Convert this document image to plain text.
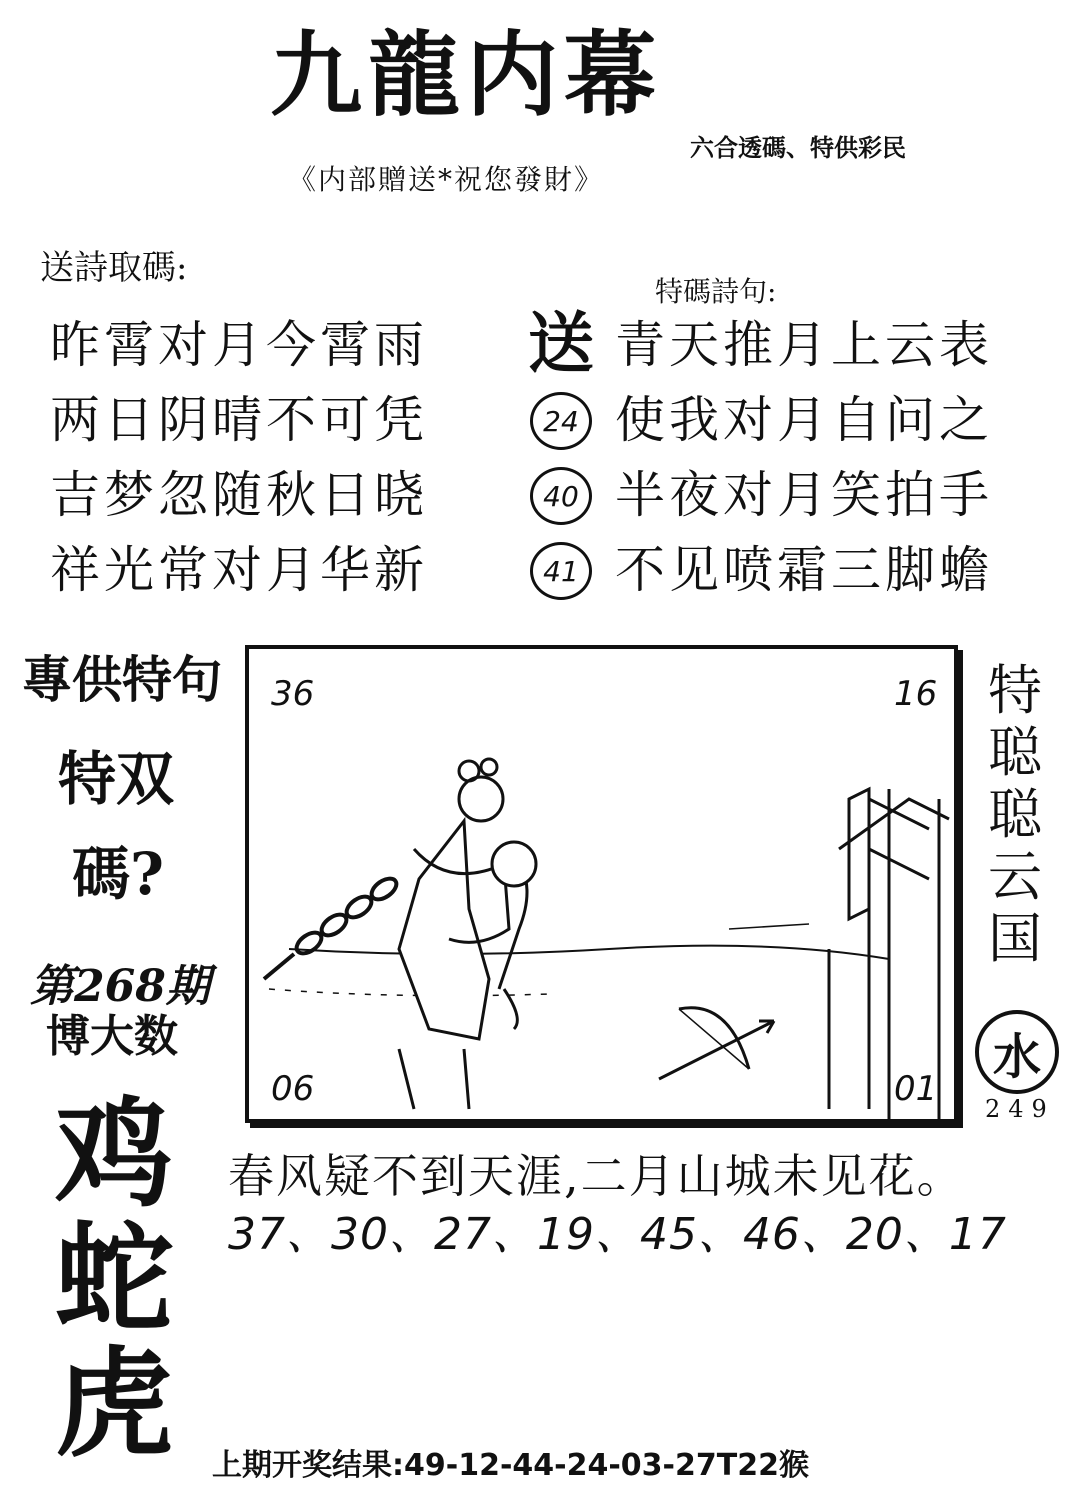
九龍内幕
六合透碼、特供彩民
《内部贈送*祝您發財》
送詩取碼:
昨霄对月今霄雨
两日阴晴不可凭
吉梦忽随秋日晓
祥光常对月华新
特碼詩句:
送 青天推月上云表
24 使我对月自问之
40 半夜对月笑拍手
41 不见喷霜三脚蟾
專供特句
特双
碼?
第268期
博大数
鸡
蛇
虎
36	16
06	01
特
聪
聪
云
国
水
249
春风疑不到天涯,二月山城未见花。
37、30、27、19、45、46、20、17
上期开奖结果:49-12-44-24-03-27T22猴
